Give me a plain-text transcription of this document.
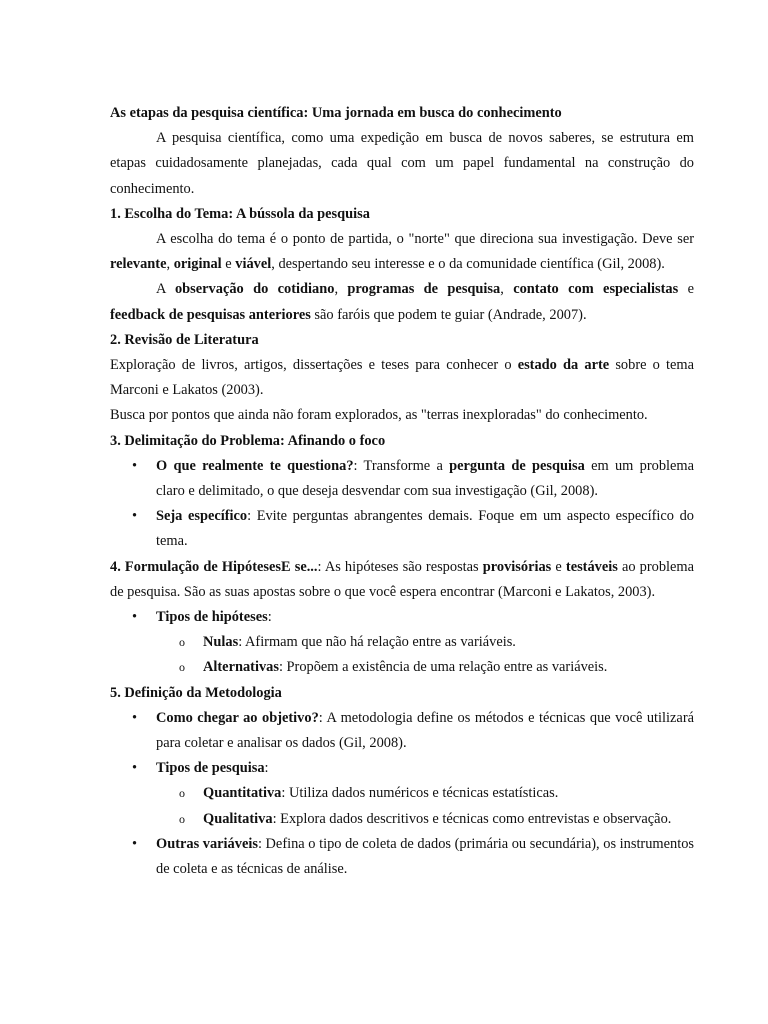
As etapas da pesquisa científica: Uma jornada em busca do conhecimento

A pesquisa científica, como uma expedição em busca de novos saberes, se estrutura em etapas cuidadosamente planejadas, cada qual com um papel fundamental na construção do conhecimento.

1. Escolha do Tema: A bússola da pesquisa

A escolha do tema é o ponto de partida, o "norte" que direciona sua investigação. Deve ser relevante, original e viável, despertando seu interesse e o da comunidade científica (Gil, 2008).

A observação do cotidiano, programas de pesquisa, contato com especialistas e feedback de pesquisas anteriores são faróis que podem te guiar (Andrade, 2007).

2. Revisão de Literatura

Exploração de livros, artigos, dissertações e teses para conhecer o estado da arte sobre o tema Marconi e Lakatos (2003).

Busca por pontos que ainda não foram explorados, as "terras inexploradas" do conhecimento.

3. Delimitação do Problema: Afinando o foco

• O que realmente te questiona?: Transforme a pergunta de pesquisa em um problema claro e delimitado, o que deseja desvendar com sua investigação (Gil, 2008).
• Seja específico: Evite perguntas abrangentes demais. Foque em um aspecto específico do tema.

4. Formulação de HipótesesE se...: As hipóteses são respostas provisórias e testáveis ao problema de pesquisa. São as suas apostas sobre o que você espera encontrar (Marconi e Lakatos, 2003).

• Tipos de hipóteses:
o Nulas: Afirmam que não há relação entre as variáveis.
o Alternativas: Propõem a existência de uma relação entre as variáveis.

5. Definição da Metodologia

• Como chegar ao objetivo?: A metodologia define os métodos e técnicas que você utilizará para coletar e analisar os dados (Gil, 2008).
• Tipos de pesquisa:
o Quantitativa: Utiliza dados numéricos e técnicas estatísticas.
o Qualitativa: Explora dados descritivos e técnicas como entrevistas e observação.
• Outras variáveis: Defina o tipo de coleta de dados (primária ou secundária), os instrumentos de coleta e as técnicas de análise.
